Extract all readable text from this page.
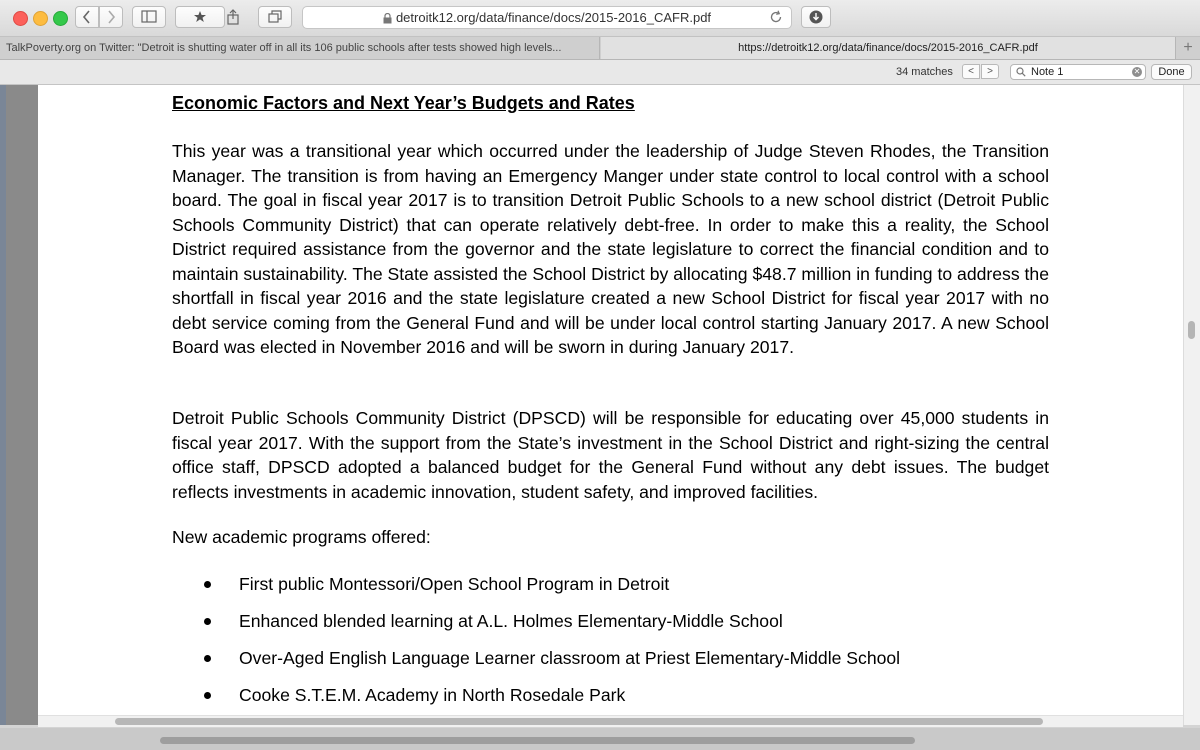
detroitk12.org/data/finance/docs/2015-2016_CAFR.pdf
TalkPoverty.org on Twitter: "Detroit is shutting water off in all its 106 public schools after tests showed high levels...	https://detroitk12.org/data/finance/docs/2015-2016_CAFR.pdf	+
34 matches	<	>	Note 1	✕	Done
Economic Factors and Next Year’s Budgets and Rates
This year was a transitional year which occurred under the leadership of Judge Steven Rhodes, the Transition Manager. The transition is from having an Emergency Manger under state control to local control with a school board. The goal in fiscal year 2017 is to transition Detroit Public Schools to a new school district (Detroit Public Schools Community District) that can operate relatively debt-free. In order to make this a reality, the School District required assistance from the governor and the state legislature to correct the financial condition and to maintain sustainability. The State assisted the School District by allocating $48.7 million in funding to address the shortfall in fiscal year 2016 and the state legislature created a new School District for fiscal year 2017 with no debt service coming from the General Fund and will be under local control starting January 2017. A new School Board was elected in November 2016 and will be sworn in during January 2017.
Detroit Public Schools Community District (DPSCD) will be responsible for educating over 45,000 students in fiscal year 2017. With the support from the State’s investment in the School District and right-sizing the central office staff, DPSCD adopted a balanced budget for the General Fund without any debt issues. The budget reflects investments in academic innovation, student safety, and improved facilities.
New academic programs offered:
First public Montessori/Open School Program in Detroit
Enhanced blended learning at A.L. Holmes Elementary-Middle School
Over-Aged English Language Learner classroom at Priest Elementary-Middle School
Cooke S.T.E.M. Academy in North Rosedale Park
